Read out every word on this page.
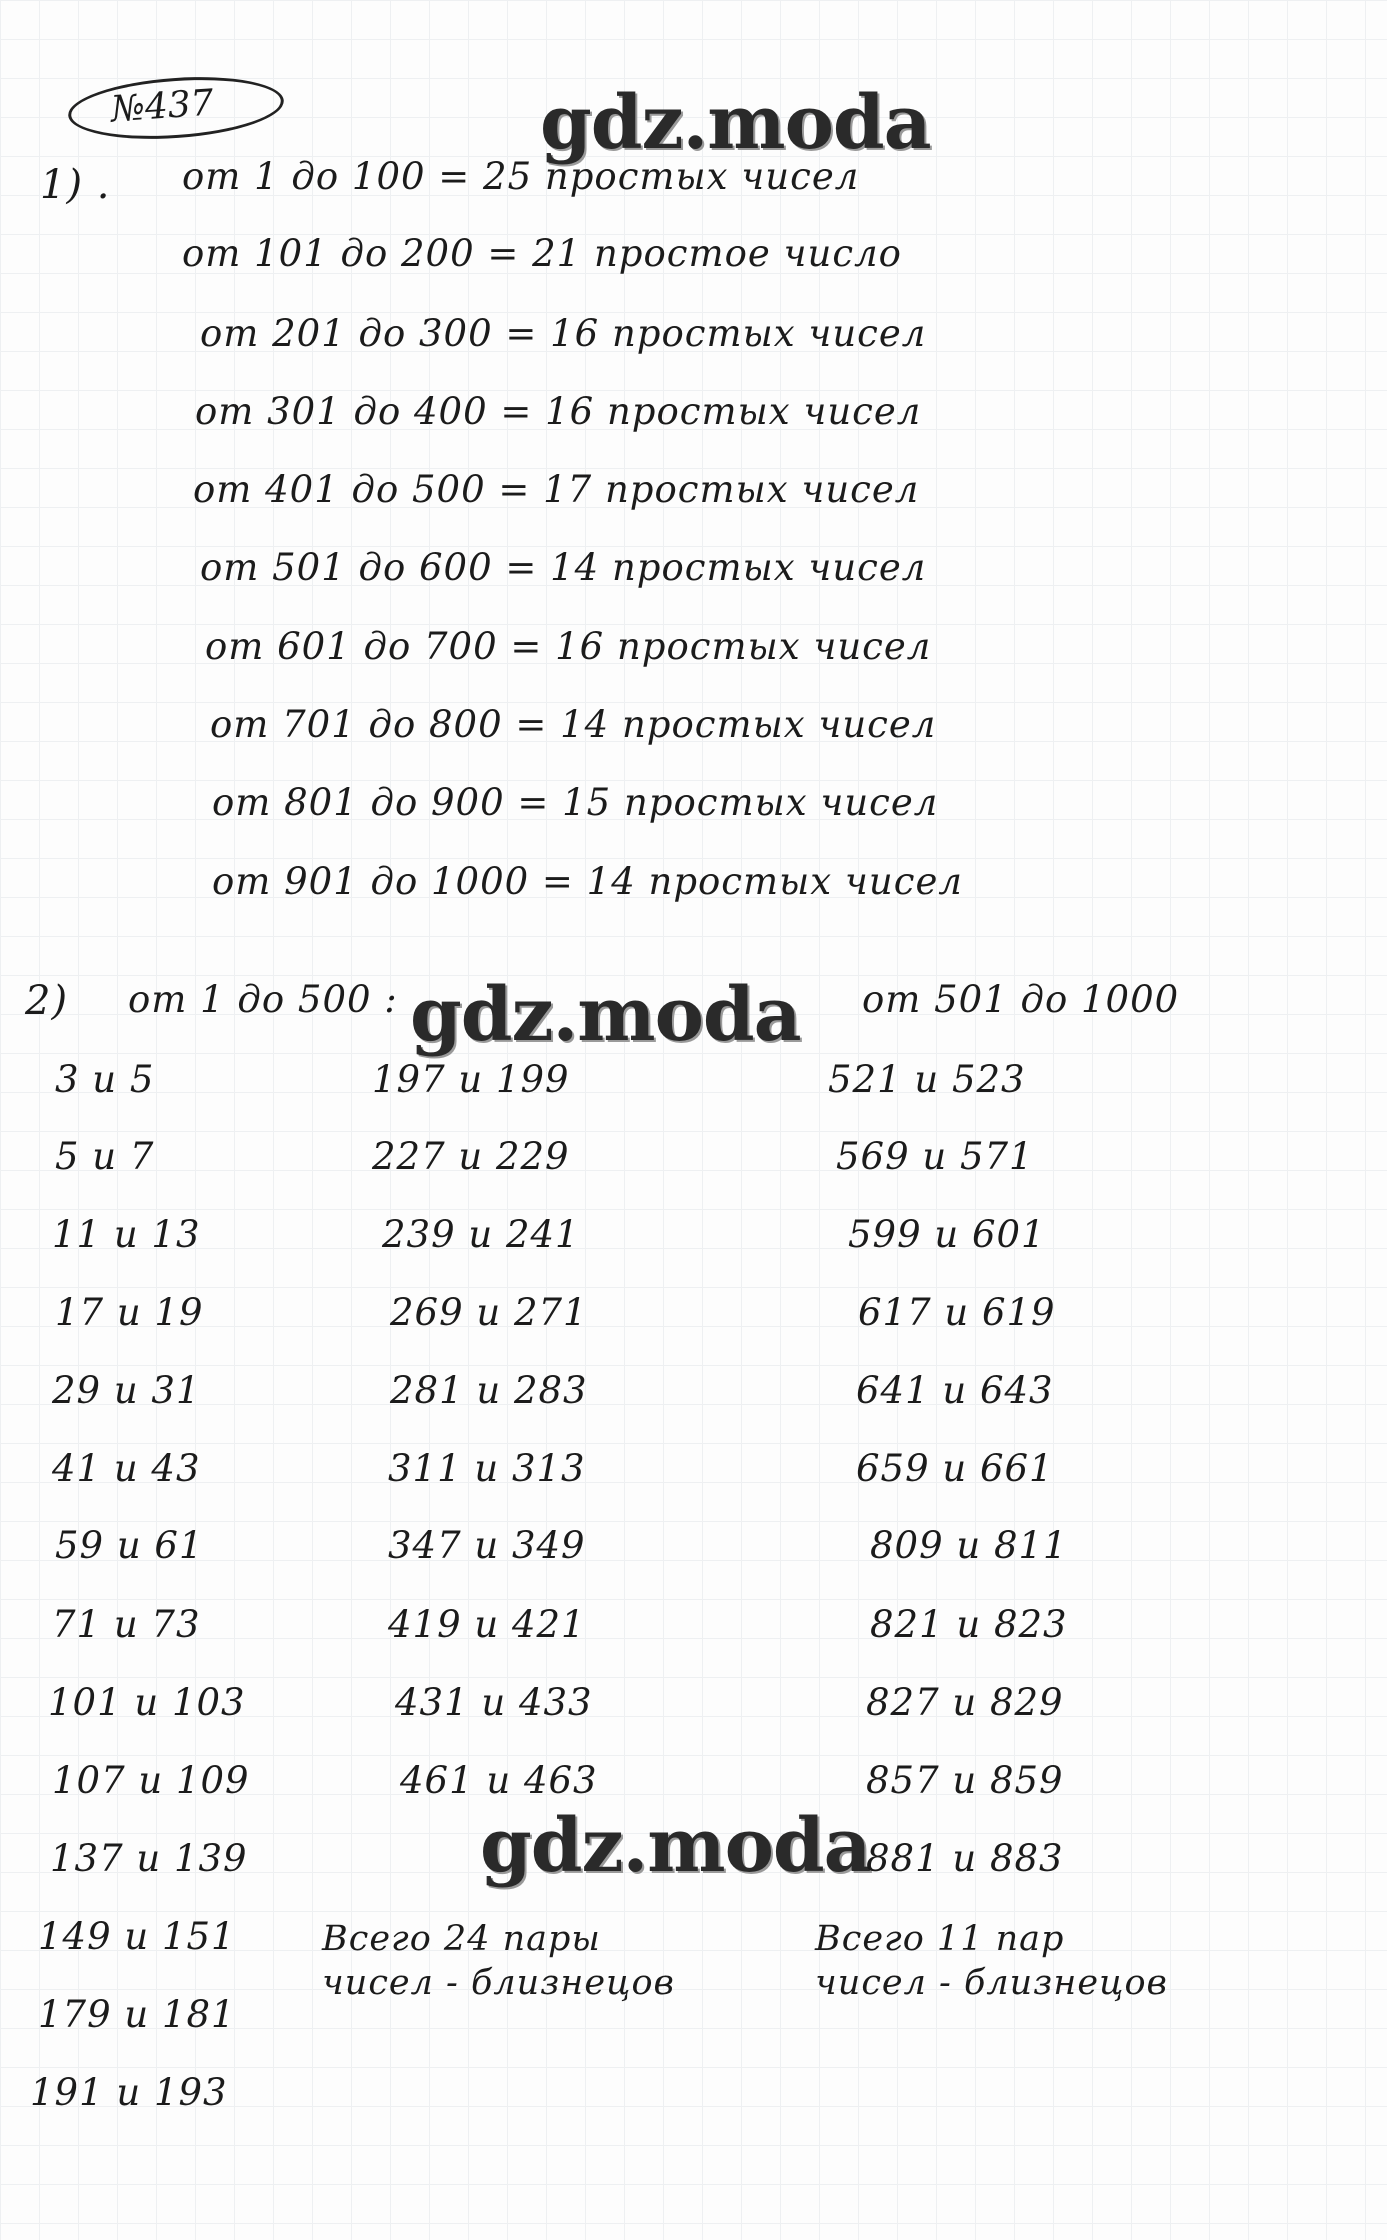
№437	gdz.moda
gdz.moda
gdz.moda
1) . от 1 до 100 = 25 простых чисел
от 101 до 200 = 21 простое число
от 201 до 300 = 16 простых чисел
от 301 до 400 = 16 простых чисел
от 401 до 500 = 17 простых чисел
от 501 до 600 = 14 простых чисел
от 601 до 700 = 16 простых чисел
от 701 до 800 = 14 простых чисел
от 801 до 900 = 15 простых чисел
от 901 до 1000 = 14 простых чисел
2) от 1 до 500 :	от 501 до 1000
3 и 5
5 и 7
11 и 13
17 и 19
29 и 31
41 и 43
59 и 61
71 и 73
101 и 103
107 и 109
137 и 139
149 и 151
179 и 181
191 и 193
197 и 199
227 и 229
239 и 241
269 и 271
281 и 283
311 и 313
347 и 349
419 и 421
431 и 433
461 и 463
521 и 523
569 и 571
599 и 601
617 и 619
641 и 643
659 и 661
809 и 811
821 и 823
827 и 829
857 и 859
881 и 883
Всего 24 пары
чисел - близнецов
Всего 11 пар
чисел - близнецов
